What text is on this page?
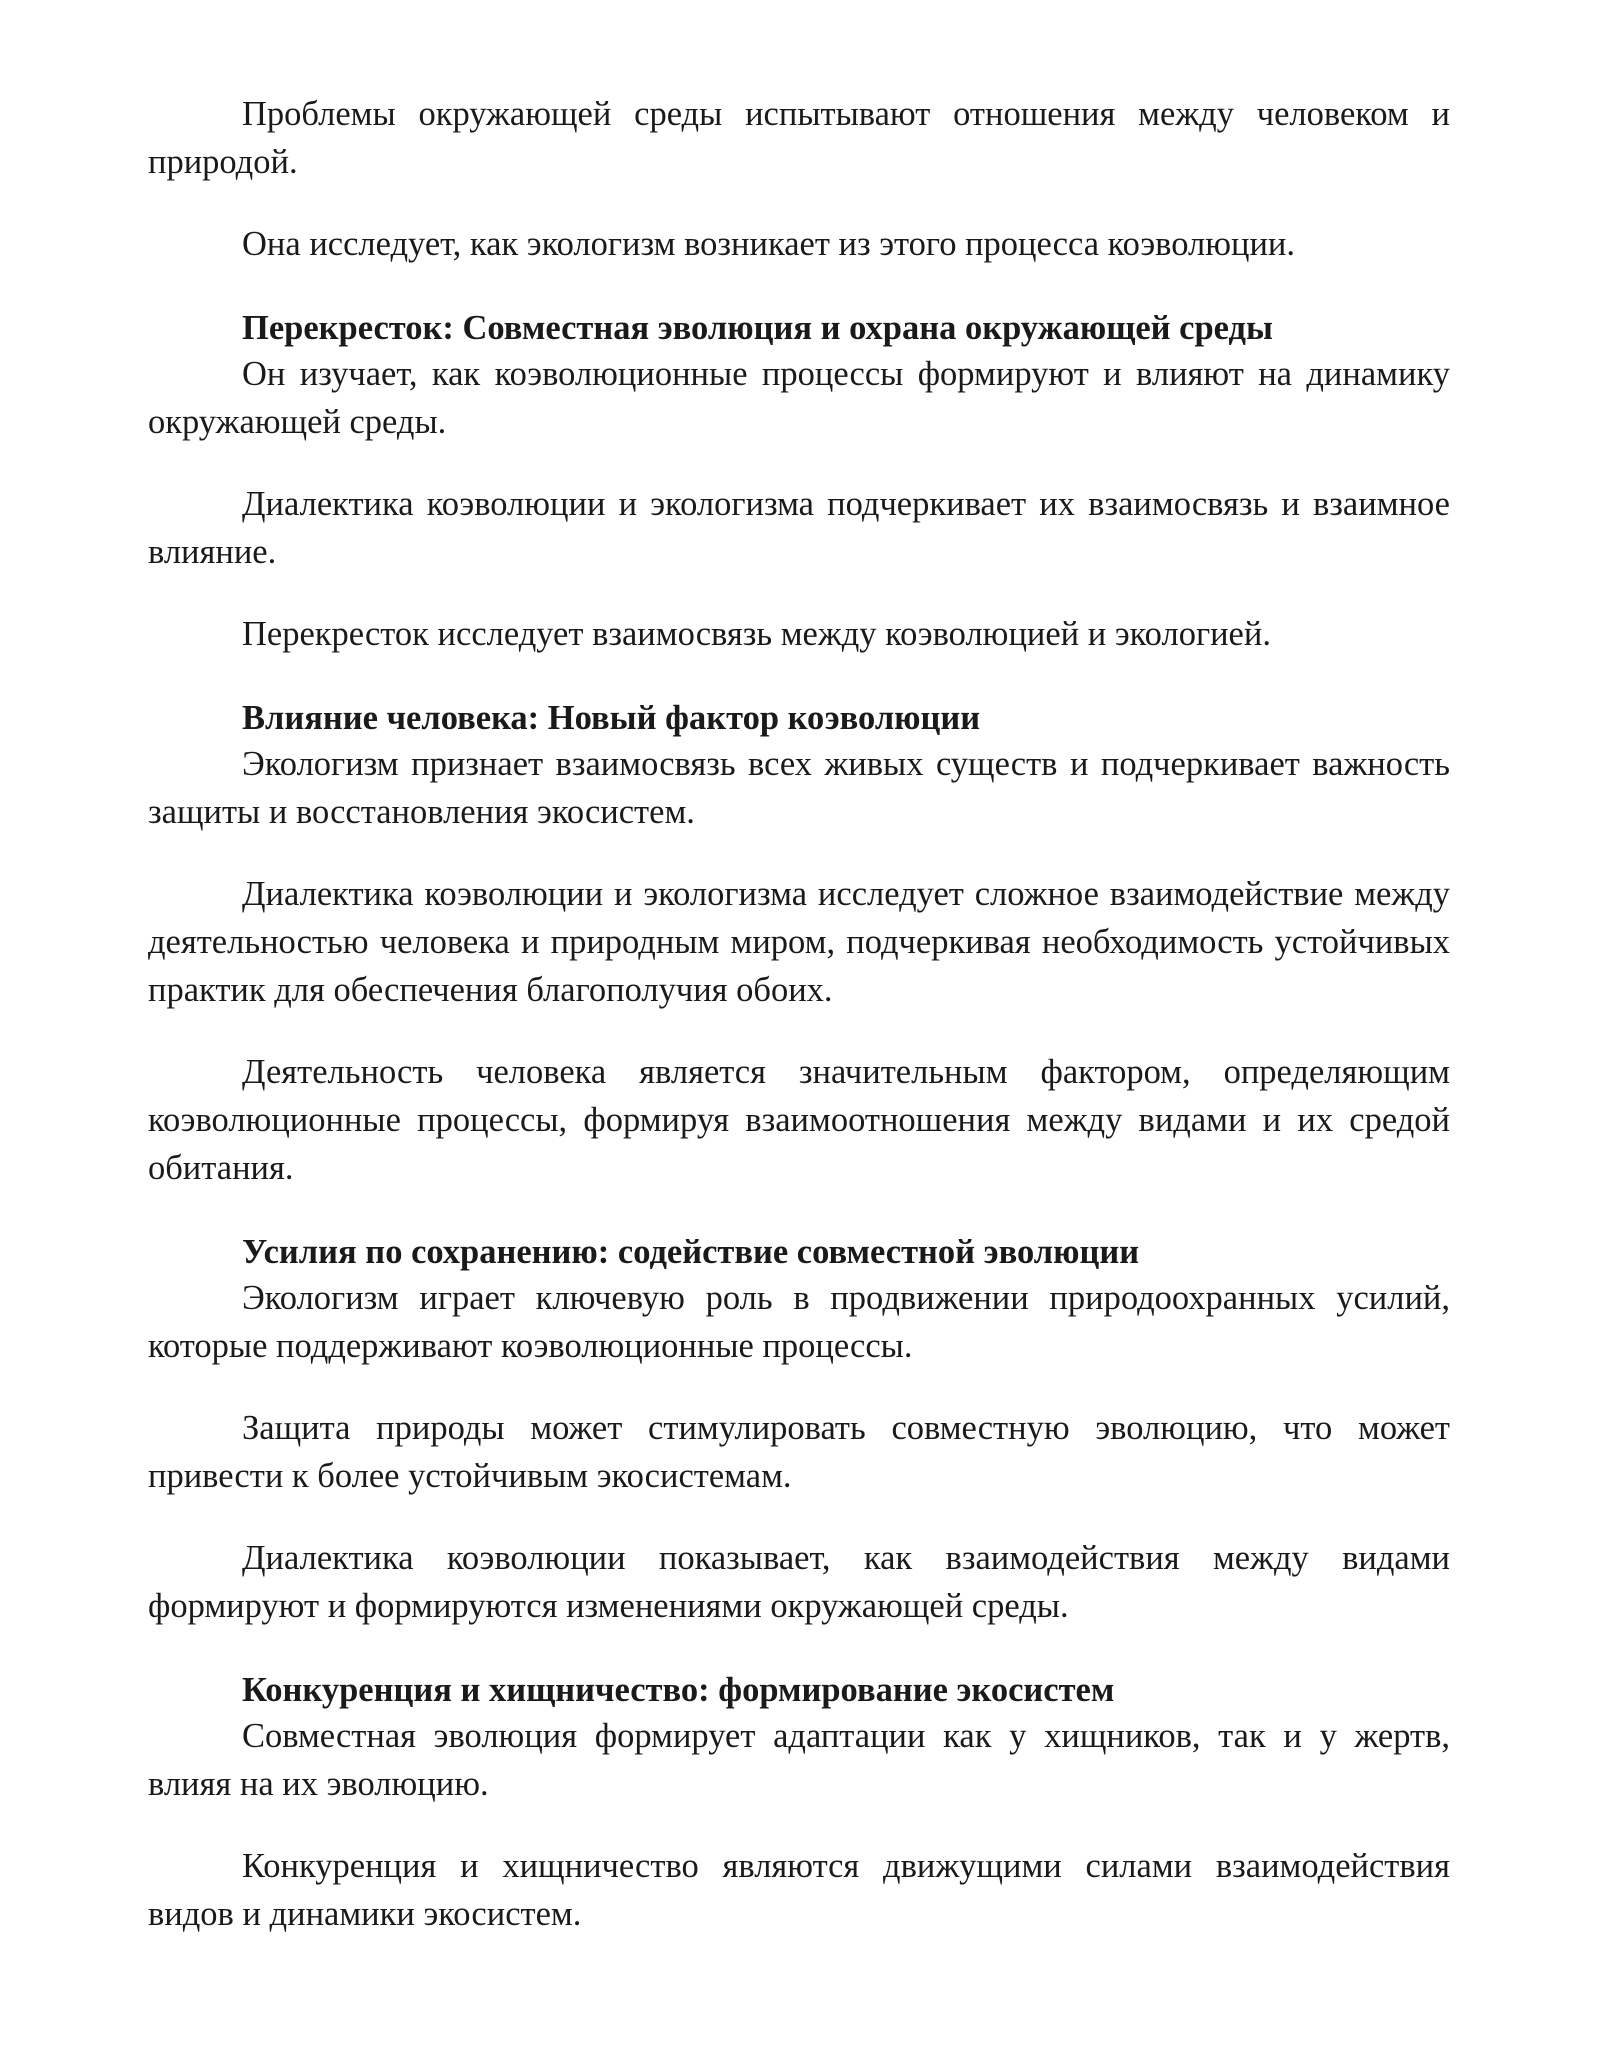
Проблемы окружающей среды испытывают отношения между человеком и природой.

Она исследует, как экологизм возникает из этого процесса коэволюции.

Перекресток: Совместная эволюция и охрана окружающей среды

Он изучает, как коэволюционные процессы формируют и влияют на динамику окружающей среды.

Диалектика коэволюции и экологизма подчеркивает их взаимосвязь и взаимное влияние.

Перекресток исследует взаимосвязь между коэволюцией и экологией.

Влияние человека: Новый фактор коэволюции

Экологизм признает взаимосвязь всех живых существ и подчеркивает важность защиты и восстановления экосистем.

Диалектика коэволюции и экологизма исследует сложное взаимодействие между деятельностью человека и природным миром, подчеркивая необходимость устойчивых практик для обеспечения благополучия обоих.

Деятельность человека является значительным фактором, определяющим коэволюционные процессы, формируя взаимоотношения между видами и их средой обитания.

Усилия по сохранению: содействие совместной эволюции

Экологизм играет ключевую роль в продвижении природоохранных усилий, которые поддерживают коэволюционные процессы.

Защита природы может стимулировать совместную эволюцию, что может привести к более устойчивым экосистемам.

Диалектика коэволюции показывает, как взаимодействия между видами формируют и формируются изменениями окружающей среды.

Конкуренция и хищничество: формирование экосистем

Совместная эволюция формирует адаптации как у хищников, так и у жертв, влияя на их эволюцию.

Конкуренция и хищничество являются движущими силами взаимодействия видов и динамики экосистем.
